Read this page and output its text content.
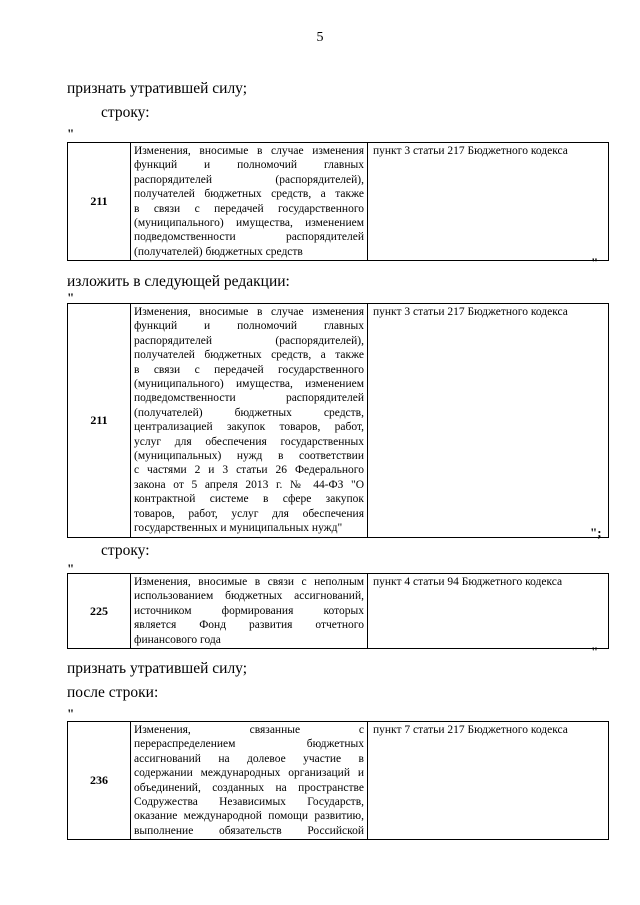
5
признать утратившей силу;
строку:
"
211	
Изменения, вносимые в случае изменения
функций и полномочий главных
распорядителей (распорядителей),
получателей бюджетных средств, а также
в связи с передачей государственного
(муниципального) имущества, изменением
подведомственности распорядителей
(получателей) бюджетных средств
	пункт 3 статьи 217 Бюджетного кодекса
"
изложить в следующей редакции:
"
211	
Изменения, вносимые в случае изменения
функций и полномочий главных
распорядителей (распорядителей),
получателей бюджетных средств, а также
в связи с передачей государственного
(муниципального) имущества, изменением
подведомственности распорядителей
(получателей) бюджетных средств,
централизацией закупок товаров, работ,
услуг для обеспечения государственных
(муниципальных) нужд в соответствии
с частями 2 и 3 статьи 26 Федерального
закона от 5 апреля 2013 г. № 44-ФЗ "О
контрактной системе в сфере закупок
товаров, работ, услуг для обеспечения
государственных и муниципальных нужд"
	пункт 3 статьи 217 Бюджетного кодекса
";
строку:
"
225	
Изменения, вносимые в связи с неполным
использованием бюджетных ассигнований,
источником формирования которых
является Фонд развития отчетного
финансового года
	пункт 4 статьи 94 Бюджетного кодекса
"
признать утратившей силу;
после строки:
"
236	
Изменения, связанные с
перераспределением бюджетных
ассигнований на долевое участие в
содержании международных организаций и
объединений, созданных на пространстве
Содружества Независимых Государств,
оказание международной помощи развитию,
выполнение обязательств Российской
	пункт 7 статьи 217 Бюджетного кодекса
